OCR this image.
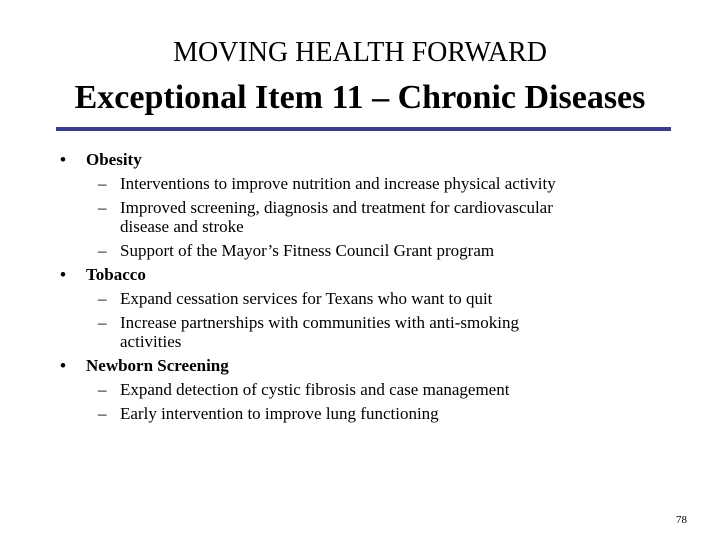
MOVING HEALTH FORWARD
Exceptional Item 11 – Chronic Diseases
•	Obesity
– Interventions to improve nutrition and increase physical activity
– Improved screening, diagnosis and treatment for cardiovascular
disease and stroke
– Support of the Mayor’s Fitness Council Grant program
•	Tobacco
– Expand cessation services for Texans who want to quit
– Increase partnerships with communities with anti-smoking
activities
•	Newborn Screening
– Expand detection of cystic fibrosis and case management
– Early intervention to improve lung functioning
78
